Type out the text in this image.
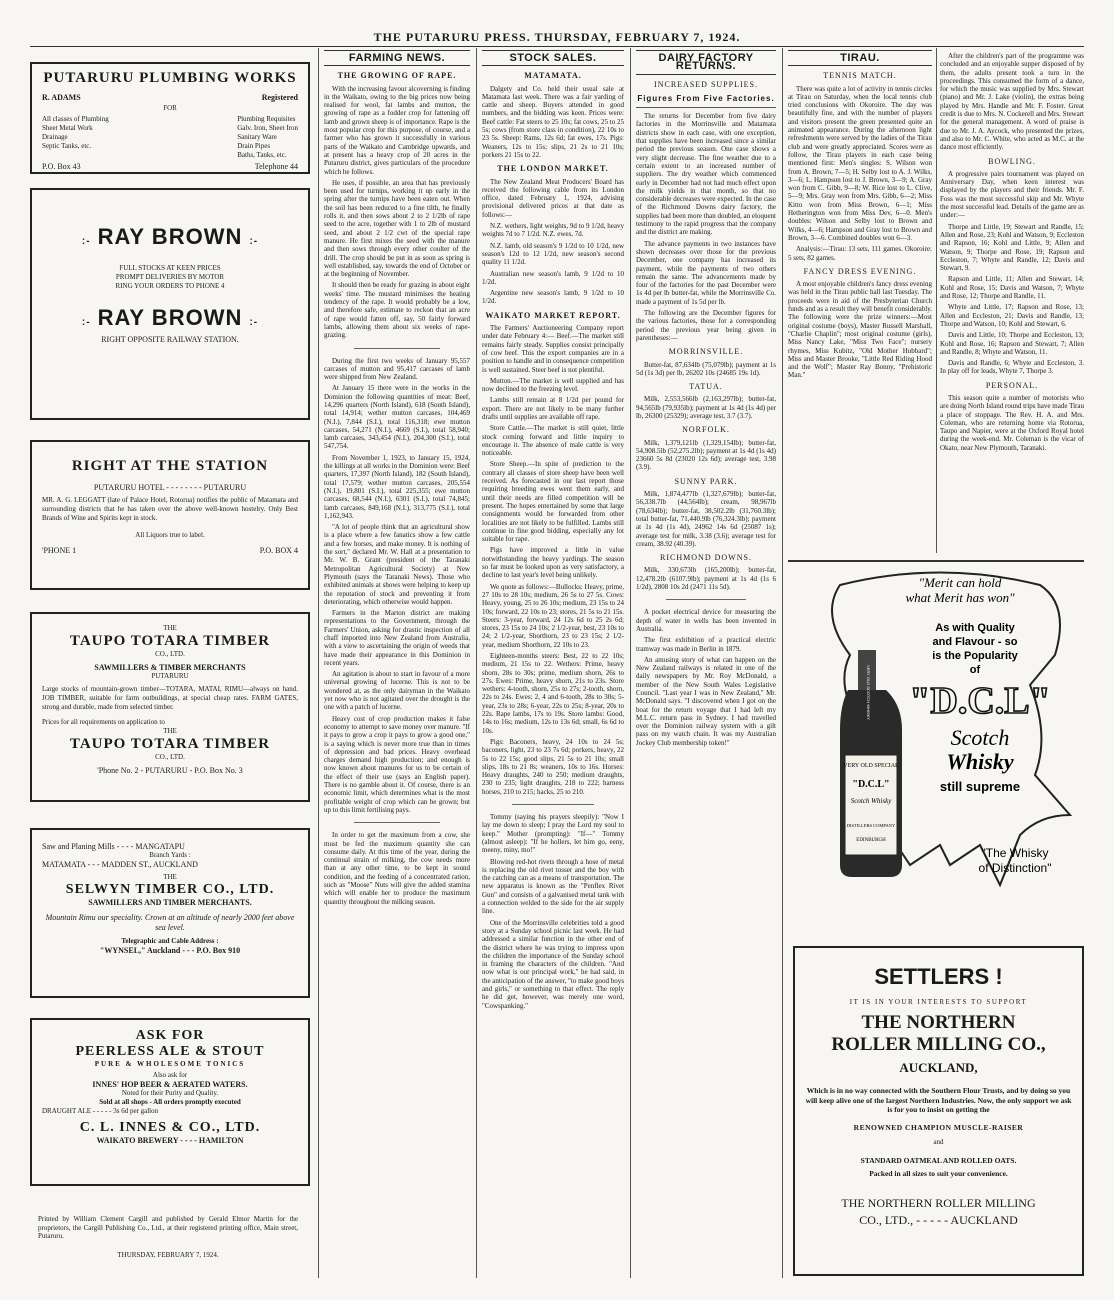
THE PUTARURU PRESS. THURSDAY, FEBRUARY 7, 1924.
PUTARURU PLUMBING WORKS
R. ADAMS	Registered
FOR
All classes of Plumbing
Sheet Metal Work
Drainage
Septic Tanks, etc.
Plumbing Requisites
Galv. Iron, Sheet Iron
Sanitary Ware
Drain Pipes
Baths, Tanks, etc.
P.O. Box 43	Telephone 44
:- RAY BROWN :-
FULL STOCKS AT KEEN PRICES
PROMPT DELIVERIES BY MOTOR
RING YOUR ORDERS TO PHONE 4
:- RAY BROWN :-
RIGHT OPPOSITE RAILWAY STATION.
RIGHT AT THE STATION
PUTARURU HOTEL - - - - - - - - PUTARURU
MR. A. G. LEGGATT (late of Palace Hotel, Rotorua) notifies the public of Matamata and surrounding districts that he has taken over the above well-known hostelry. Only Best Brands of Wine and Spirits kept in stock.
All Liquors true to label.
'PHONE 1	P.O. BOX 4
THE
TAUPO TOTARA TIMBER
CO., LTD.
SAWMILLERS & TIMBER MERCHANTS
PUTARURU
Large stocks of mountain-grown timber—TOTARA, MATAI, RIMU—always on hand. JOB TIMBER, suitable for farm outbuildings, at special cheap rates. FARM GATES, strong and durable, made from selected timber.
Prices for all requirements on application to
THE
TAUPO TOTARA TIMBER
CO., LTD.
'Phone No. 2 - PUTARURU - P.O. Box No. 3
Saw and Planing Mills - - - - MANGATAPU
Branch Yards :
MATAMATA - - - MADDEN ST., AUCKLAND
THE
SELWYN TIMBER CO., LTD.
SAWMILLERS AND TIMBER MERCHANTS.
Mountain Rimu our speciality. Crown at an altitude of nearly 2000 feet above sea level.
Telegraphic and Cable Address :
"WYNSEL," Auckland - - - P.O. Box 910
ASK FOR
PEERLESS ALE & STOUT
PURE & WHOLESOME TONICS
Also ask for
INNES' HOP BEER & AERATED WATERS.
Noted for their Purity and Quality.
Sold at all shops - All orders promptly executed
DRAUGHT ALE - - - - - 3s 6d per gallon
C. L. INNES & CO., LTD.
WAIKATO BREWERY - - - - HAMILTON
Printed by William Clement Cargill and published by Gerald Elmor Martin for the proprietors, the Cargill Publishing Co., Ltd., at their registered printing office, Main street, Putaruru.
THURSDAY, FEBRUARY 7, 1924.
FARMING NEWS.
THE GROWING OF RAPE.

With the increasing favour alcoverning is finding in the Waikato, owing to the big prices now being realised for wool, fat lambs and mutton, the growing of rape as a fodder crop for fattening off lamb and grown sheep is of importance. Rape is the most popular crop for this purpose, of course, and a farmer who has grown it successfully in various parts of the Waikato and Cambridge upwards, and at present has a heavy crop of 20 acres in the Putaruru district, gives particulars of the procedure which he follows.

He uses, if possible, an area that has previously been used for turnips, working it up early in the spring after the turnips have been eaten out. When the soil has been reduced to a fine tilth, he finally rolls it, and then sows about 2 to 2 1/2lb of rape seed to the acre, together with 1 to 2lb of mustard seed, and about 2 1/2 cwt of the special rape manure. He first mixes the seed with the manure and then sows through every other coulter of the drill. The crop should be put in as soon as spring is well established, say, towards the end of October or at the beginning of November.

It should then be ready for grazing in about eight weeks' time. The mustard minimises the heating tendency of the rape. It would probably be a low, and therefore safe, estimate to reckon that an acre of rape would fatten off, say, 50 fairly forward lambs, allowing them about six weeks of rape-grazing.

During the first two weeks of January 95,557 carcases of mutton and 95,417 carcases of lamb were shipped from New Zealand.

At January 15 there were in the works in the Dominion the following quantities of meat: Beef, 14,296 quarters (North Island), 618 (South Island), total 14,914; wether mutton carcases, 104,469 (N.I.), 7,844 (S.I.), total 116,318; ewe mutton carcases, 54,271 (N.I.), 4669 (S.I.), total 58,940; lamb carcases, 343,454 (N.I.), 204,300 (S.I.), total 547,754.

From November 1, 1923, to January 15, 1924, the killings at all works in the Dominion were: Beef quarters, 17,397 (North Island), 182 (South Island), total 17,579; wether mutton carcases, 205,554 (N.I.), 19,801 (S.I.), total 225,355; ewe mutton carcases, 68,544 (N.I.), 6301 (S.I.), total 74,845; lamb carcases, 849,168 (N.I.), 313,775 (S.I.), total 1,162,943.

"A lot of people think that an agricultural show is a place where a few fanatics show a few cattle and a few horses, and make money. It is nothing of the sort," declared Mr. W. Hall at a presentation to Mr. W. B. Grant (president of the Taranaki Metropolitan Agricultural Society) at New Plymouth (says the Taranaki News). Those who exhibited animals at shows were helping to keep up the reputation of stock and preventing it from deteriorating, which otherwise would happen.

Farmers in the Marton district are making representations to the Government, through the Farmers' Union, asking for drastic inspection of all chaff imported into New Zealand from Australia, with a view to ascertaining the origin of weeds that have made their appearance in this Dominion in recent years.

An agitation is about to start in favour of a more universal growing of lucerne. This is not to be wondered at, as the only dairyman in the Waikato yet now who is not agitated over the drought is the one with a patch of lucerne.

Heavy cost of crop production makes it false economy to attempt to save money over manure. "If it pays to grow a crop it pays to grow a good one," is a saying which is never more true than in times of depression and bad prices. Heavy overhead charges demand high production; and enough is now known about manures for us to be certain of the effect of their use (says an English paper). There is no gamble about it. Of course, there is an economic limit, which determines what is the most profitable weight of crop which can be grown; but up to this limit fertilising pays.

In order to get the maximum from a cow, she must be fed the maximum quantity she can consume daily. At this time of the year, during the continual strain of milking, the cow needs more than at any other time, to be kept in sound condition, and the feeding of a concentrated ration, such as "Moose" Nuts will give the added stamina which will enable her to produce the maximum quantity throughout the milking season.

STOCK SALES.
MATAMATA.

Dalgety and Co. held their usual sale at Matamata last week. There was a fair yarding of cattle and sheep. Buyers attended in good numbers, and the bidding was keen. Prices were: Beef cattle: Fat steers to 25 10s; fat cows, 25 to 25 5s; cows (from store class in condition), 22 10s to 23 5s. Sheep: Rams, 12s 6d; fat ewes, 17s. Pigs: Weaners, 12s to 15s; slips, 21 2s to 21 10s; porkers 21 15s to 22.

THE LONDON MARKET.

The New Zealand Meat Producers' Board has received the following cable from its London office, dated February 1, 1924, advising provisional delivered prices at that date as follows:—

N.Z. wethers, light weights, 9d to 9 1/2d, heavy weights 7d to 7 1/2d. N.Z. ewes, 7d.

N.Z. lamb, old season's 9 1/2d to 10 1/2d, new season's 12d to 12 1/2d, new season's second quality 11 1/2d.

Australian new season's lamb, 9 1/2d to 10 1/2d.

Argentine new season's lamb, 9 1/2d to 10 1/2d.

WAIKATO MARKET REPORT.

The Farmers' Auctioneering Company report under date February 4:— Beef.—The market still remains fairly steady. Supplies consist principally of cow beef. This the export companies are in a position to handle and in consequence competition is well sustained. Steer beef is not plentiful.

Mutton.—The market is well supplied and has now declined to the freezing level.

Lambs still remain at 8 1/2d per pound for export. There are not likely to be many further drafts until supplies are available off rape.

Store Cattle.—The market is still quiet, little stock coming forward and little inquiry to encourage it. The absence of male cattle is very noticeable.

Store Sheep.—In spite of prediction to the contrary all classes of store sheep have been well received. As forecasted in our last report those requiring breeding ewes went them early, and until their needs are filled competition will be present. The hopes entertained by some that large consignments would be forwarded from other localities are not likely to be fulfilled. Lambs still continue in fine good bidding, especially any lot suitable for rape.

Pigs have improved a little in value notwithstanding the heavy yardings. The season so far must be looked upon as very satisfactory, a decline to last year's level being unlikely.

We quote as follows:—Bullocks: Heavy, prime, 27 10s to 28 10s; medium, 26 5s to 27 5s. Cows: Heavy, young, 25 to 26 10s; medium, 23 15s to 24 10s; forward, 22 10s to 23; stores, 21 5s to 21 15s. Steers: 3-year, forward, 24 12s 6d to 25 2s 6d; stores, 23 15s to 24 10s; 2 1/2-year, best, 23 10s to 24; 2 1/2-year, Shorthorn, 23 to 23 15s; 2 1/2-year, medium Shorthorn, 22 10s to 23.

Eighteen-months steers: Best, 22 to 22 10s; medium, 21 15s to 22. Wethers: Prime, heavy shorn, 28s to 30s; prime, medium shorn, 26s to 27s. Ewes: Prime, heavy shorn, 21s to 23s. Store wethers: 4-tooth, shorn, 25s to 27s; 2-tooth, shorn, 22s to 24s. Ewes: 2, 4 and 6-tooth, 28s to 30s; 5-year, 23s to 28s; 6-year, 22s to 25s; 8-year, 20s to 22s. Rape lambs, 17s to 19s. Store lambs: Good, 14s to 16s; medium, 12s to 13s 6d; small, 6s 6d to 10s.

Pigs: Baconers, heavy, 24 10s to 24 5s; baconers, light, 23 to 23 7s 6d; porkers, heavy, 22 5s to 22 15s; good slips, 21 5s to 21 10s; small slips, 18s to 21 8s; weaners, 10s to 16s. Horses: Heavy draughts, 240 to 250; medium draughts, 230 to 235; light draughts, 218 to 222; harness horses, 210 to 215; hacks, 25 to 210.

Tommy (saying his prayers sleepily): "Now I lay me down to sleep; I pray the Lord my soul to keep." Mother (prompting): "If—" Tommy (almost asleep): "If he hollers, let him go, eeny, meeny, miny, mo!"

Blowing red-hot rivets through a hose of metal is replacing the old rivet tosser and the boy with the catching can as a means of transportation. The new apparatus is known as the "Penflex Rivet Gun" and consists of a galvanised metal tank with a connection welded to the side for the air supply line.

One of the Morrinsville celebrities told a good story at a Sunday school picnic last week. He had addressed a similar function in the other end of the district where he was trying to impress upon the children the importance of the Sunday school in framing the characters of the children. "And now what is our principal work," he had said, in the anticipation of the answer, "to make good boys and girls," or something to that effect. The reply he did get, however, was merely one word, "Cowspanking."

DAIRY FACTORY RETURNS.
INCREASED SUPPLIES.
Figures From Five Factories.

The returns for December from five dairy factories in the Morrinsville and Matamata districts show in each case, with one exception, that supplies have been increased since a similar period the previous season. One case shows a very slight decrease. The fine weather due to a certain extent to an increased number of suppliers. The dry weather which commenced early in December had not had much effect upon the milk yields in that month, so that no considerable decreases were expected. In the case of the Richmond Downs dairy factory, the supplies had been more than doubled, an eloquent testimony to the rapid progress that the company and the district are making.

The advance payments in two instances have shown decreases over those for the previous December, one company has increased its payment, while the payments of two others remain the same. The advancements made by four of the factories for the past December were 1s 4d per lb butter-fat, while the Morrinsville Co. made a payment of 1s 5d per lb.

The following are the December figures for the various factories, those for a corresponding period the previous year being given in parentheses:—

MORRINSVILLE.

Butter-fat, 87,634lb (75,079lb); payment at 1s 5d (1s 3d) per lb, 26202 10s (24685 19s 1d).

TATUA.

Milk, 2,553,566lb (2,163,297lb); butter-fat, 94,565lb (79,935lb); payment at 1s 4d (1s 4d) per lb, 26300 (25329); average test, 3.7 (3.7).

NORFOLK.

Milk, 1,379,121lb (1,329,154lb); butter-fat, 54,908.5lb (52,275.2lb); payment at 1s 4d (1s 4d) 23660 5s 8d (23020 12s 6d); average test, 3.98 (3.9).

SUNNY PARK.

Milk, 1,874,477lb (1,327,679lb); butter-fat, 56,338.7lb (44,564lb); cream, 98,967lb (78,634lb); butter-fat, 38,502.2lb (31,760.3lb); total butter-fat, 71,440.9lb (76,324.3lb); payment at 1s 4d (1s 4d), 24962 14s 6d (25087 1s); average test for milk, 3.38 (3.6); average test for cream, 38.92 (40.39).

RICHMOND DOWNS.

Milk, 330,673lb (165,200lb); butter-fat, 12,478.2lb (6107.9lb); payment at 1s 4d (1s 6 1/2d), 2808 10s 2d (2471 11s 5d).

A pocket electrical device for measuring the depth of water in wells has been invented in Australia.

The first exhibition of a practical electric tramway was made in Berlin in 1879.

An amusing story of what can happen on the New Zealand railways is related in one of the daily newspapers by Mr. Roy McDonald, a member of the New South Wales Legislative Council. "Last year I was in New Zealand," Mr. McDonald says. "I discovered when I got on the boat for the return voyage that I had left my M.L.C. return pass in Sydney. I had travelled over the Dominion railway system with a gilt pass on my watch chain. It was my Australian Jockey Club membership token!"

TIRAU.
TENNIS MATCH.

There was quite a lot of activity in tennis circles at Tirau on Saturday, when the local tennis club tried conclusions with Okoroire. The day was beautifully fine, and with the number of players and visitors present the green presented quite an animated appearance. During the afternoon light refreshments were served by the ladies of the Tirau club and were greatly appreciated. Scores were as follow, the Tirau players in each case being mentioned first: Men's singles: S. Wilson won from A. Brown, 7—5; H. Selby lost to A. J. Wilks, 3—6; L. Hampson lost to J. Brown, 3—9; A. Gray won from C. Gibb, 9—8; W. Rice lost to L. Clive, 5—9; Mrs. Gray won from Mrs. Gibb, 6—2; Miss Kitto won from Miss Brown, 6—1; Miss Hetherington won from Miss Dev, 6—0. Men's doubles: Wilson and Selby lost to Brown and Wilks, 4—6; Hampson and Gray lost to Brown and Brown, 3—6. Combined doubles won 6—3.

Analysis:—Tirau: 13 sets, 111 games. Okoroire: 5 sets, 82 games.

FANCY DRESS EVENING.

A most enjoyable children's fancy dress evening was held in the Tirau public hall last Tuesday. The proceeds were in aid of the Presbyterian Church funds and as a result they will benefit considerably. The following were the prize winners:—Most original costume (boys), Master Russell Marshall, "Charlie Chaplin"; most original costume (girls), Miss Nancy Lake, "Miss Two Face"; nursery rhymes, Miss Kubitz, "Old Mother Hubbard"; Miss and Master Brooke, "Little Red Riding Hood and the Wolf"; Master Ray Bonny, "Prehistoric Man."

After the children's part of the programme was concluded and an enjoyable supper disposed of by them, the adults present took a turn in the proceedings. This consumed the form of a dance, for which the music was supplied by Mrs. Stewart (piano) and Mr. J. Lake (violin), the extras being played by Mrs. Handle and Mr. F. Foster. Great credit is due to Mrs. N. Cockerell and Mrs. Stewart for the general management. A word of praise is due to Mr. J. A. Aycock, who presented the prizes, and also to Mr. C. White, who acted as M.C. at the dance most efficiently.

BOWLING.

A progressive pairs tournament was played on Anniversary Day, when keen interest was displayed by the players and their friends. Mr. F. Foss was the most successful skip and Mr. Whyte the most successful lead. Details of the game are as under:—

Thorpe and Little, 19; Stewart and Randle, 15; Allen and Rose, 23; Kohl and Watson, 9; Eccleston and Rapson, 16; Kohl and Little, 9; Allen and Watson, 9; Thorpe and Rose, 19; Rapson and Eccleston, 7; Whyte and Randle, 12; Davis and Stewart, 9.

Rapson and Little, 11; Allen and Stewart, 14; Kohl and Rose, 15; Davis and Watson, 7; Whyte and Rose, 12; Thorpe and Randle, 11.

Whyte and Little, 17; Rapson and Rose, 13; Allen and Eccleston, 21; Davis and Randle, 13; Thorpe and Watson, 10; Kohl and Stewart, 6.

Davis and Little, 10; Thorpe and Eccleston, 13; Kohl and Rose, 16; Rapson and Stewart, 7; Allen and Randle, 8; Whyte and Watson, 11.

Davis and Randle, 6; Whyte and Eccleston, 3. In play off for leads, Whyte 7, Thorpe 3.

PERSONAL.

This season quite a number of motorists who are doing North Island round trips have made Tirau a place of stoppage. The Rev. H. A. and Mrs. Coleman, who are returning home via Rotorua, Taupo and Napier, were at the Oxford Royal hotel during the week-end. Mr. Coleman is the vicar of Okato, near New Plymouth, Taranaki.

VERY OLD SPECIAL
"D.C.L"
Scotch Whisky
DISTILLERS COMPANY
EDINBURGH
VERY OLD SCOTCH WHISKY
"Merit can hold
what Merit has won"
As with Quality
and Flavour - so
is the Popularity
of
"D.C.L"
Scotch
Whisky
still supreme
"The Whisky
of Distinction"
SETTLERS !
IT IS IN YOUR INTERESTS TO SUPPORT
THE NORTHERN ROLLER MILLING CO.,
AUCKLAND,
Which is in no way connected with the Southern Flour Trusts, and by doing so you will keep alive one of the largest Northern Industries. Now, the only support we ask is for you to insist on getting the
RENOWNED CHAMPION MUSCLE-RAISER
and
STANDARD OATMEAL AND ROLLED OATS.
Packed in all sizes to suit your convenience.
THE NORTHERN ROLLER MILLING
CO., LTD., - - - - - AUCKLAND
